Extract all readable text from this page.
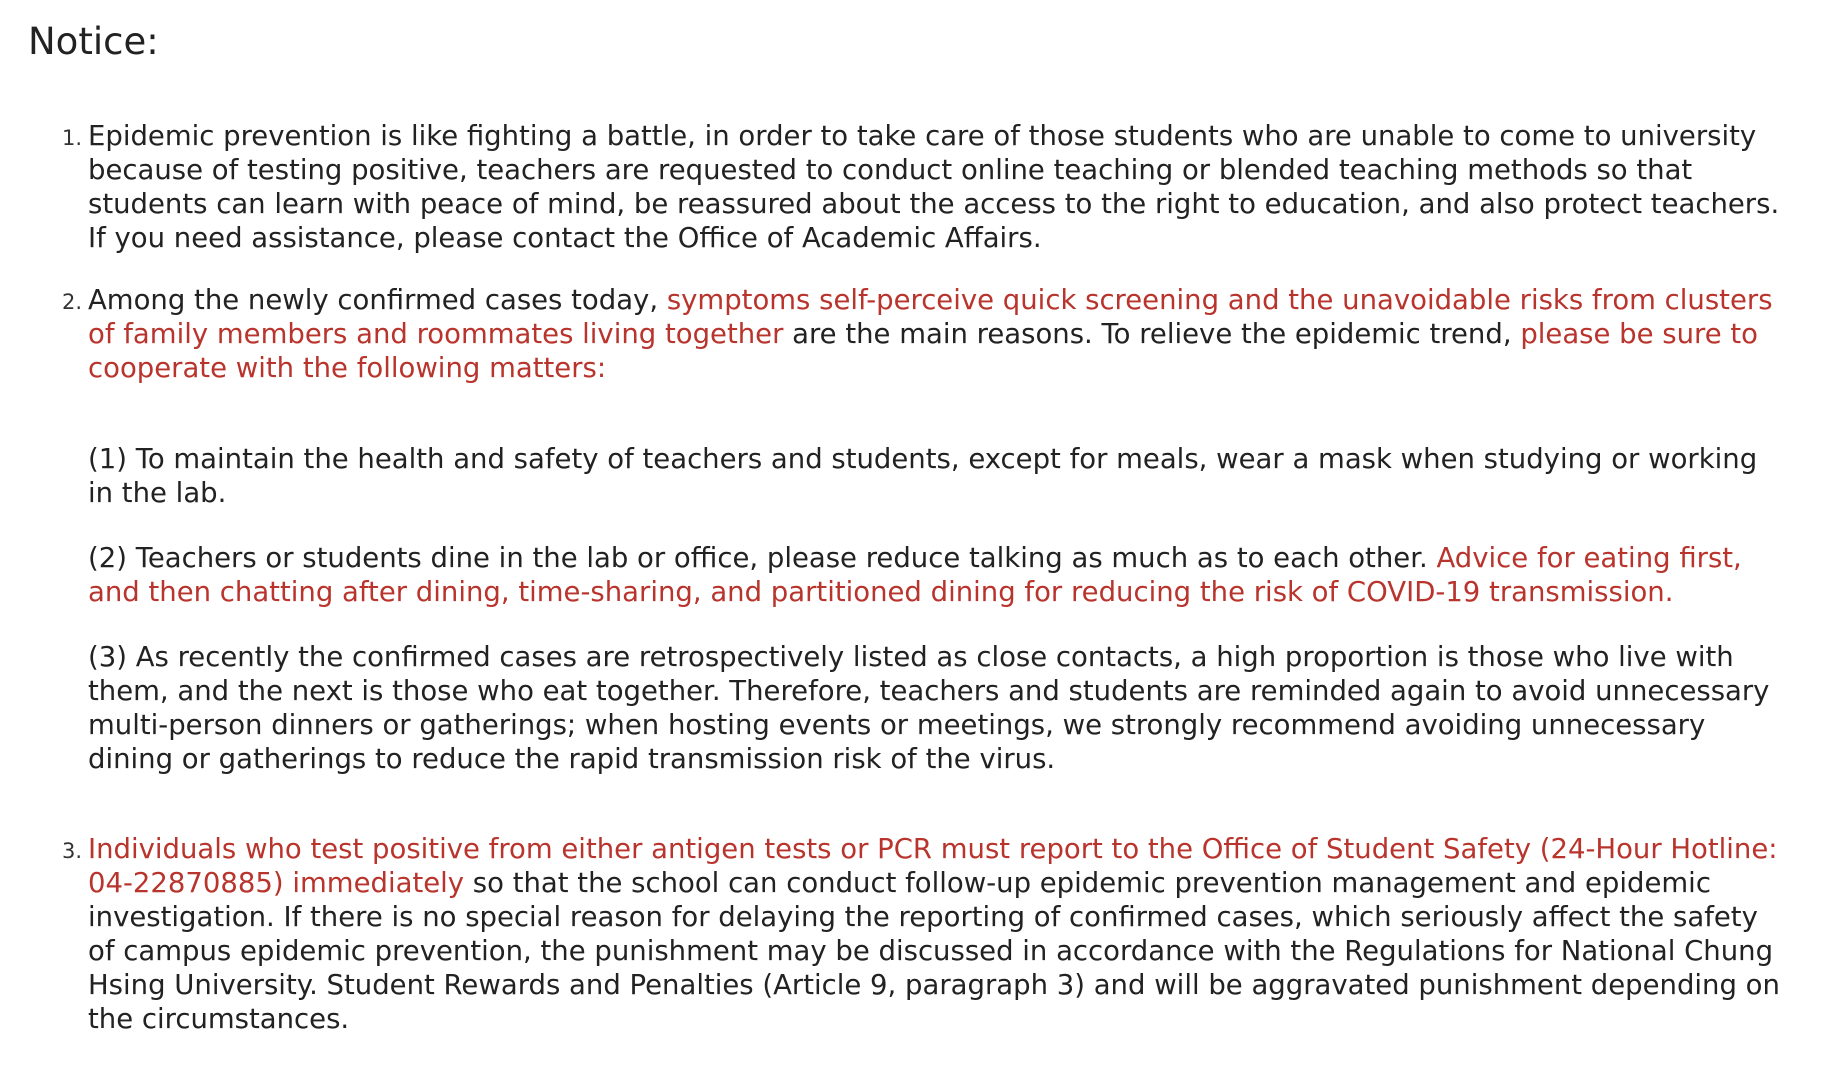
Notice:
1. Epidemic prevention is like fighting a battle, in order to take care of those students who are unable to come to university because of testing positive, teachers are requested to conduct online teaching or blended teaching methods so that students can learn with peace of mind, be reassured about the access to the right to education, and also protect teachers. If you need assistance, please contact the Office of Academic Affairs.
2. Among the newly confirmed cases today, symptoms self-perceive quick screening and the unavoidable risks from clusters of family members and roommates living together are the main reasons. To relieve the epidemic trend, please be sure to cooperate with the following matters:
(1) To maintain the health and safety of teachers and students, except for meals, wear a mask when studying or working in the lab.
(2) Teachers or students dine in the lab or office, please reduce talking as much as to each other. Advice for eating first, and then chatting after dining, time-sharing, and partitioned dining for reducing the risk of COVID-19 transmission.
(3) As recently the confirmed cases are retrospectively listed as close contacts, a high proportion is those who live with them, and the next is those who eat together. Therefore, teachers and students are reminded again to avoid unnecessary multi-person dinners or gatherings; when hosting events or meetings, we strongly recommend avoiding unnecessary dining or gatherings to reduce the rapid transmission risk of the virus.
3. Individuals who test positive from either antigen tests or PCR must report to the Office of Student Safety (24-Hour Hotline: 04-22870885) immediately so that the school can conduct follow-up epidemic prevention management and epidemic investigation. If there is no special reason for delaying the reporting of confirmed cases, which seriously affect the safety of campus epidemic prevention, the punishment may be discussed in accordance with the Regulations for National Chung Hsing University. Student Rewards and Penalties (Article 9, paragraph 3) and will be aggravated punishment depending on the circumstances.
